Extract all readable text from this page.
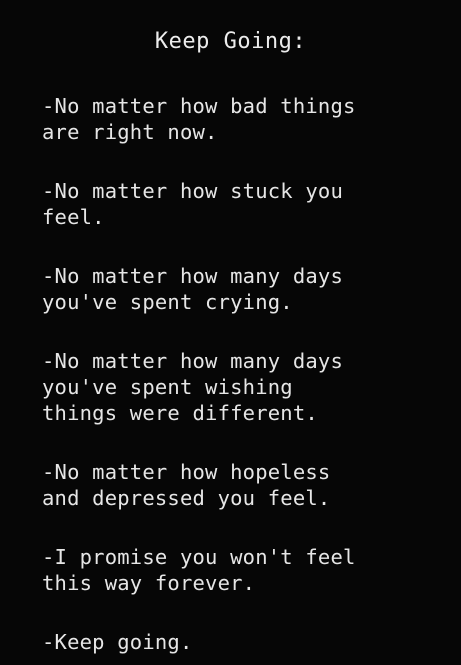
Keep Going:

-No matter how bad things
are right now.

-No matter how stuck you
feel.

-No matter how many days
you've spent crying.

-No matter how many days
you've spent wishing
things were different.

-No matter how hopeless
and depressed you feel.

-I promise you won't feel
this way forever.

-Keep going.
